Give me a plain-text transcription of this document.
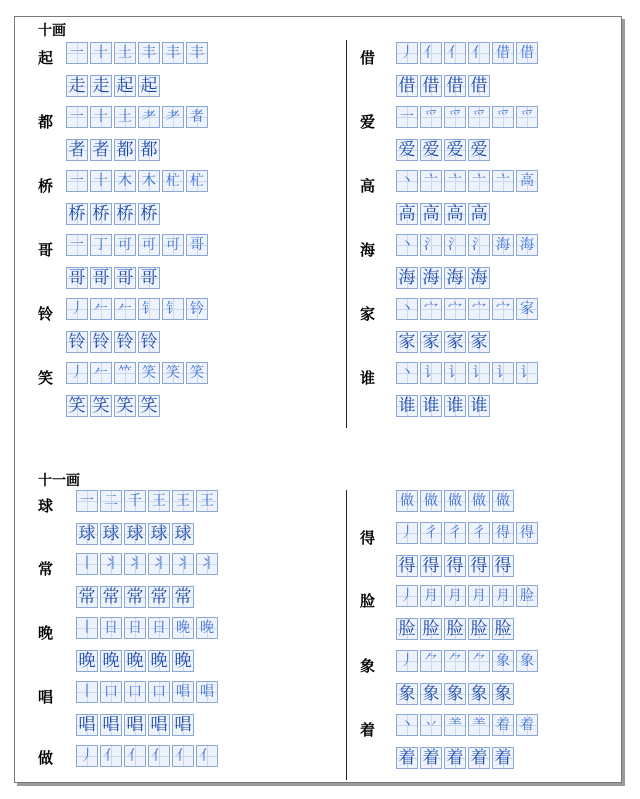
十画
起	一 十 土 丰 丰 丰
走 走 起 起
都	一 十 土 耂 耂 者
者 者 都 都
桥	一 十 木 木 杧 杧
桥 桥 桥 桥
哥	一 丁 可 可 可 哥
哥 哥 哥 哥
铃	丿 𠂉 𠂉 钅 钅 钤
铃 铃 铃 铃
笑	丿 𠂉 𥫗 笑 笑 笑
笑 笑 笑 笑
借	丿 亻 亻 亻 借 借
借 借 借 借
爱	一 爫 爫 爫 爫 爫
爱 爱 爱 爱
高	丶 亠 亠 亠 亠 高
高 高 高 高
海	丶 氵 氵 氵 海 海
海 海 海 海
家	丶 宀 宀 宀 宀 家
家 家 家 家
谁	丶 讠 讠 讠 讠 讠
谁 谁 谁 谁
十一画
球	一 二 千 王 王 王
球 球 球 球 球
常	丨 丬 丬 丬 丬 丬
常 常 常 常 常
晚	丨 日 日 日 晚 晚
晚 晚 晚 晚 晚
唱	丨 口 口 口 唱 唱
唱 唱 唱 唱 唱
做	丿 亻 亻 亻 亻 亻
做 做 做 做 做
得	丿 彳 彳 彳 得 得
得 得 得 得 得
脸	丿 月 月 月 月 脸
脸 脸 脸 脸 脸
象	丿 ⺈ ⺈ ⺈ 象 象
象 象 象 象 象
着	丶 丷 ⺷ ⺷ 着 着
着 着 着 着 着
